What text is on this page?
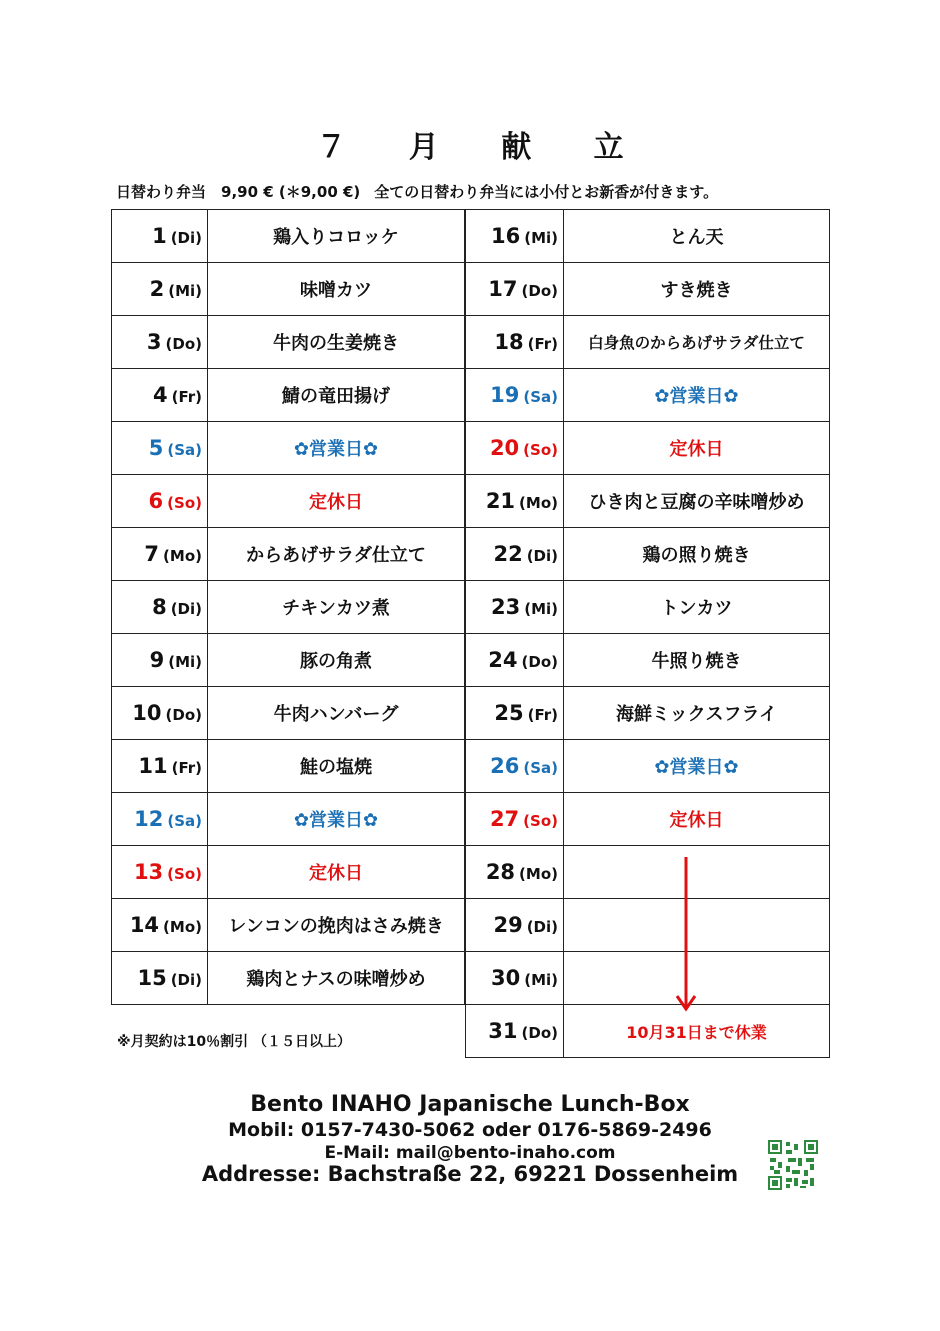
７ 月 献 立
日替わり弁当　9,90 € (＊9,00 €) 全ての日替わり弁当には小付とお新香が付きます。
1 (Di)	鶏入りコロッケ
2 (Mi)	味噌カツ
3 (Do)	牛肉の生姜焼き
4 (Fr)	鯖の竜田揚げ
5 (Sa)	✿営業日✿
6 (So)	定休日
7 (Mo)	からあげサラダ仕立て
8 (Di)	チキンカツ煮
9 (Mi)	豚の角煮
10 (Do)	牛肉ハンバーグ
11 (Fr)	鮭の塩焼
12 (Sa)	✿営業日✿
13 (So)	定休日
14 (Mo)	レンコンの挽肉はさみ焼き
15 (Di)	鶏肉とナスの味噌炒め
16 (Mi)	とん天
17 (Do)	すき焼き
18 (Fr)	白身魚のからあげサラダ仕立て
19 (Sa)	✿営業日✿
20 (So)	定休日
21 (Mo)	ひき肉と豆腐の辛味噌炒め
22 (Di)	鶏の照り焼き
23 (Mi)	トンカツ
24 (Do)	牛照り焼き
25 (Fr)	海鮮ミックスフライ
26 (Sa)	✿営業日✿
27 (So)	定休日
28 (Mo)	
29 (Di)	
30 (Mi)	
31 (Do)	10月31日まで休業
※月契約は10％割引 （１５日以上）
Bento INAHO Japanische Lunch-Box
Mobil: 0157-7430-5062 oder 0176-5869-2496
E-Mail: mail@bento-inaho.com
Addresse: Bachstraße 22, 69221 Dossenheim
